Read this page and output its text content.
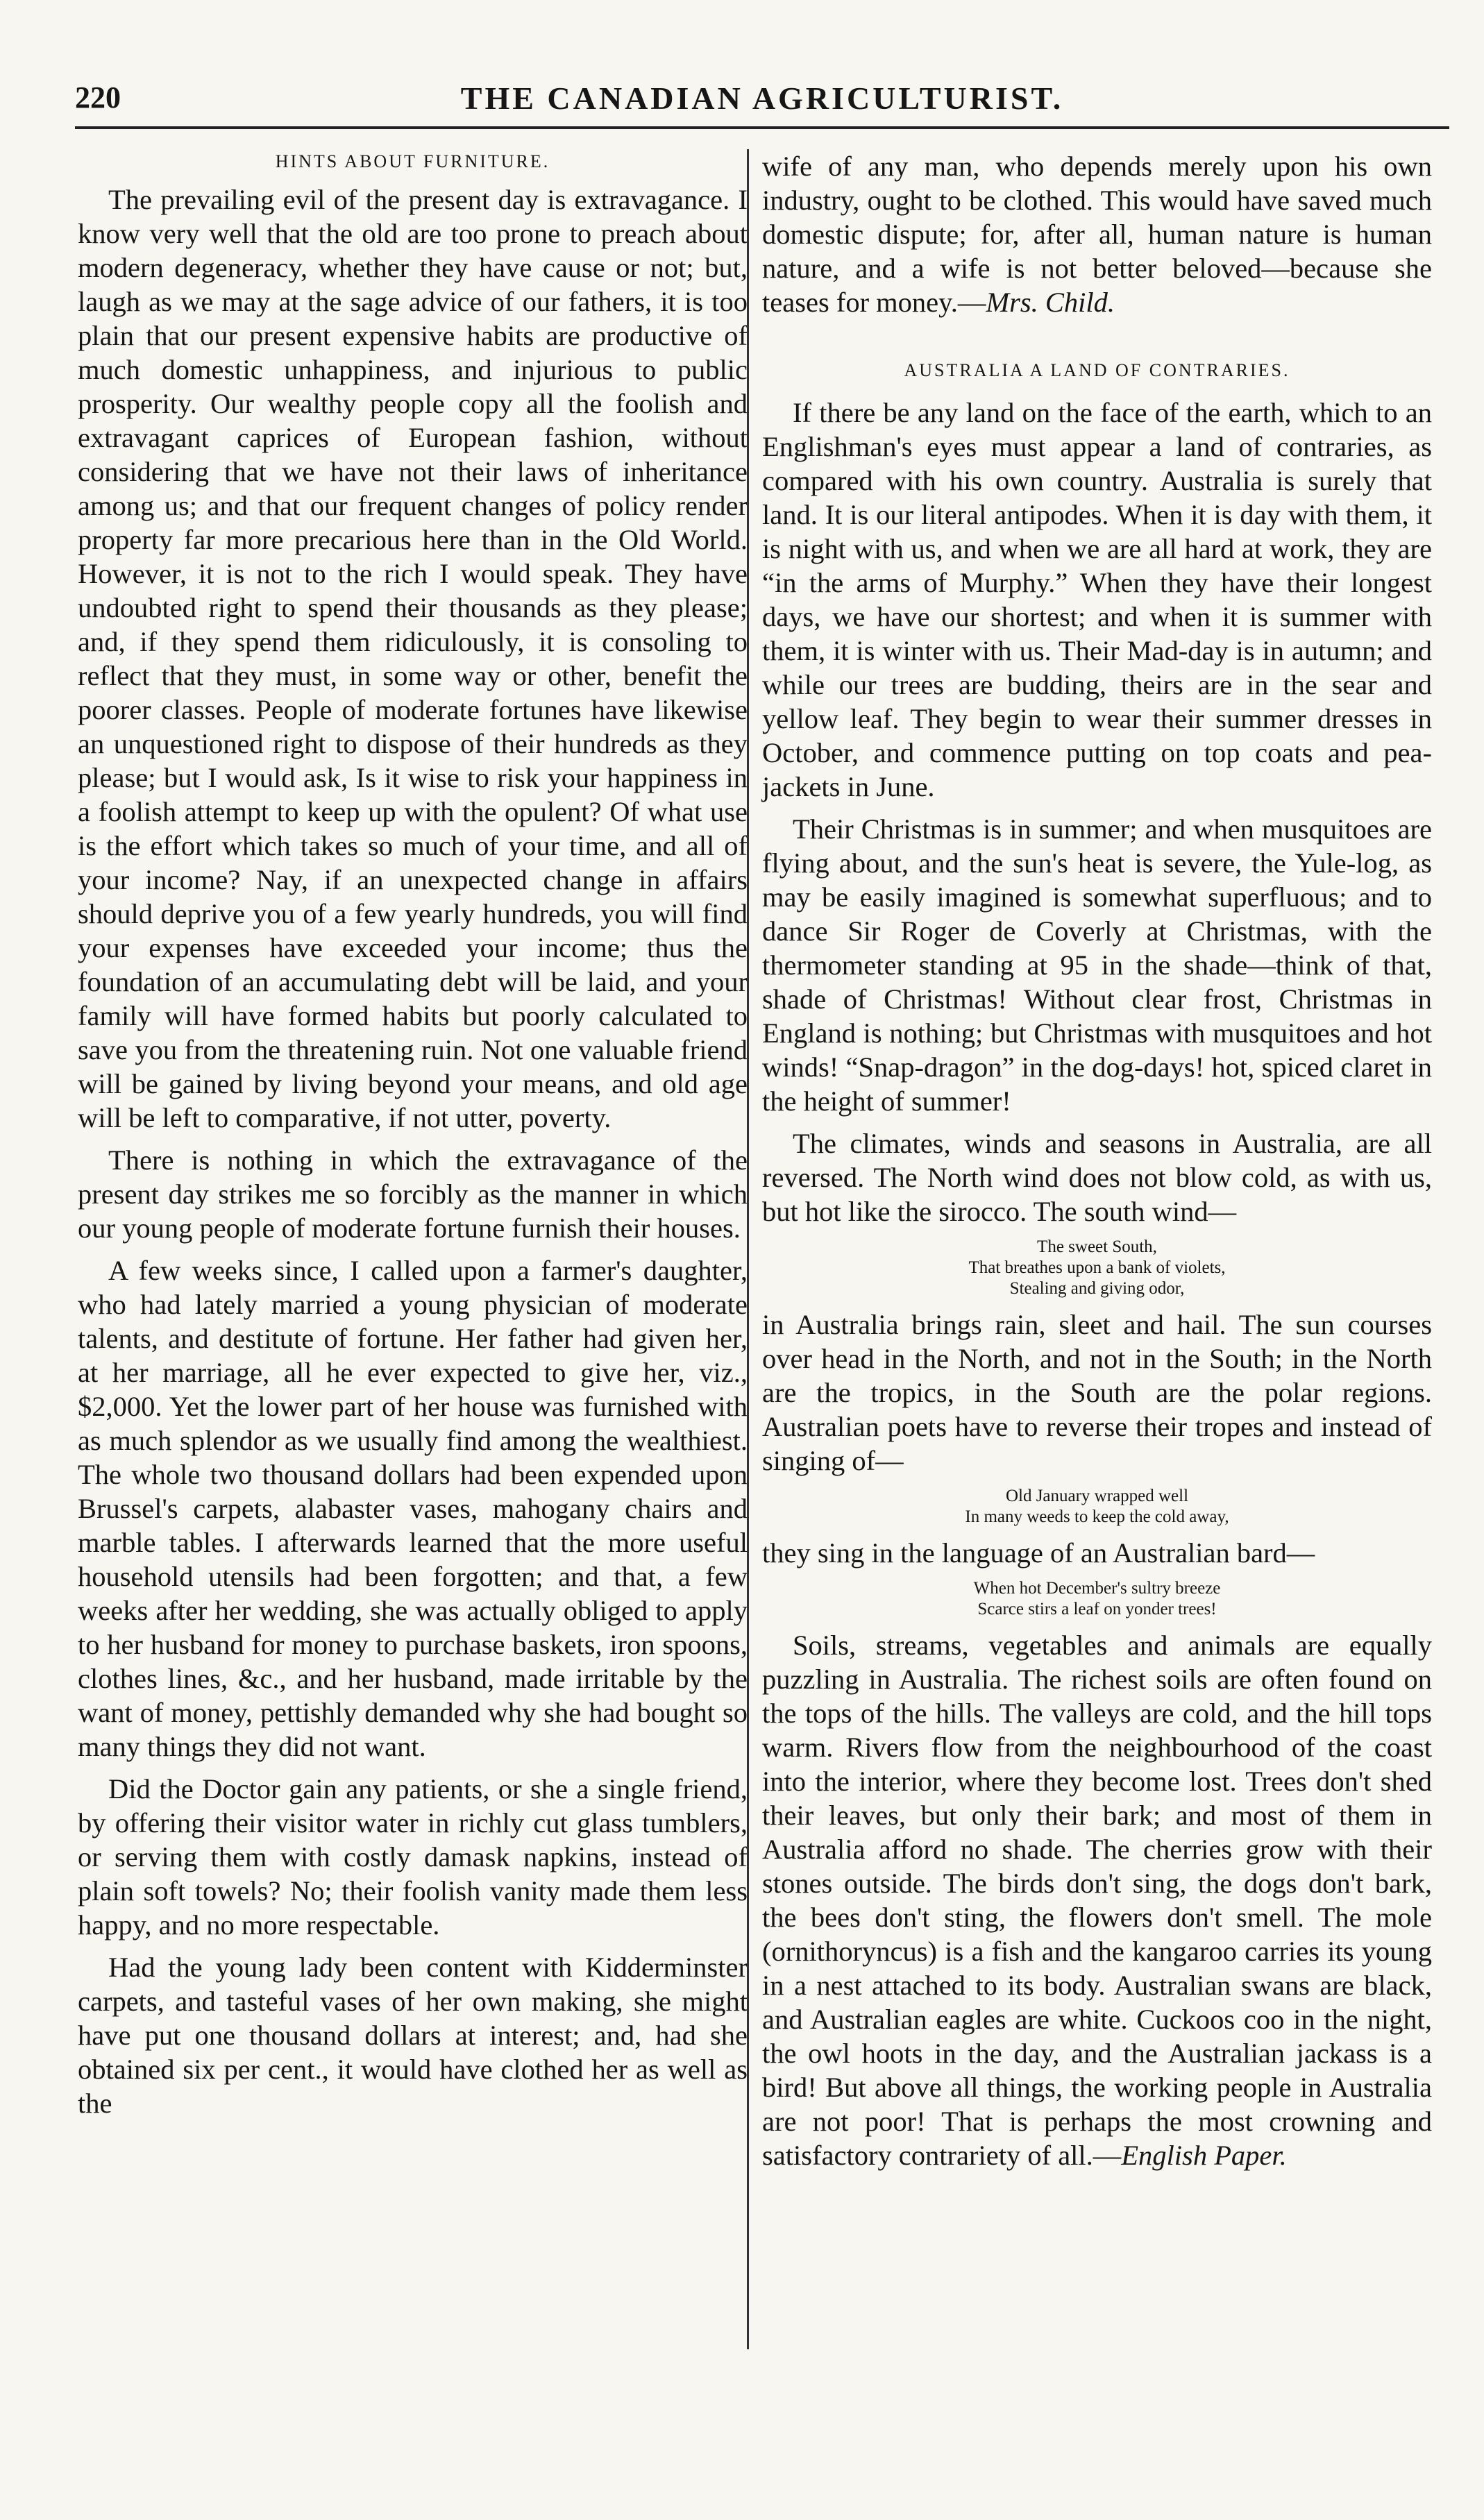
THE CANADIAN AGRICULTURIST.
220
HINTS ABOUT FURNITURE.

The prevailing evil of the present day is extravagance. I know very well that the old are too prone to preach about modern degeneracy, whether they have cause or not; but, laugh as we may at the sage advice of our fathers, it is too plain that our present expensive habits are productive of much domestic unhappiness, and injurious to public prosperity. Our wealthy people copy all the foolish and extravagant caprices of European fashion, without considering that we have not their laws of inheritance among us; and that our frequent changes of policy render property far more precarious here than in the Old World. However, it is not to the rich I would speak. They have undoubted right to spend their thousands as they please; and, if they spend them ridiculously, it is consoling to reflect that they must, in some way or other, benefit the poorer classes. People of moderate fortunes have likewise an unquestioned right to dispose of their hundreds as they please; but I would ask, Is it wise to risk your happiness in a foolish attempt to keep up with the opulent? Of what use is the effort which takes so much of your time, and all of your income? Nay, if an unexpected change in affairs should deprive you of a few yearly hundreds, you will find your expenses have exceeded your income; thus the foundation of an accumulating debt will be laid, and your family will have formed habits but poorly calculated to save you from the threatening ruin. Not one valuable friend will be gained by living beyond your means, and old age will be left to comparative, if not utter, poverty.

There is nothing in which the extravagance of the present day strikes me so forcibly as the manner in which our young people of moderate fortune furnish their houses.

A few weeks since, I called upon a farmer's daughter, who had lately married a young physician of moderate talents, and destitute of fortune. Her father had given her, at her marriage, all he ever expected to give her, viz., $2,000. Yet the lower part of her house was furnished with as much splendor as we usually find among the wealthiest. The whole two thousand dollars had been expended upon Brussel's carpets, alabaster vases, mahogany chairs and marble tables. I afterwards learned that the more useful household utensils had been forgotten; and that, a few weeks after her wedding, she was actually obliged to apply to her husband for money to purchase baskets, iron spoons, clothes lines, &c., and her husband, made irritable by the want of money, pettishly demanded why she had bought so many things they did not want.

Did the Doctor gain any patients, or she a single friend, by offering their visitor water in richly cut glass tumblers, or serving them with costly damask napkins, instead of plain soft towels? No; their foolish vanity made them less happy, and no more respectable.

Had the young lady been content with Kidderminster carpets, and tasteful vases of her own making, she might have put one thousand dollars at interest; and, had she obtained six per cent., it would have clothed her as well as the

wife of any man, who depends merely upon his own industry, ought to be clothed. This would have saved much domestic dispute; for, after all, human nature is human nature, and a wife is not better beloved—because she teases for money.—Mrs. Child.

AUSTRALIA A LAND OF CONTRARIES.

If there be any land on the face of the earth, which to an Englishman's eyes must appear a land of contraries, as compared with his own country. Australia is surely that land. It is our literal antipodes. When it is day with them, it is night with us, and when we are all hard at work, they are “in the arms of Murphy.” When they have their longest days, we have our shortest; and when it is summer with them, it is winter with us. Their Mad-day is in autumn; and while our trees are budding, theirs are in the sear and yellow leaf. They begin to wear their summer dresses in October, and commence putting on top coats and pea-jackets in June.

Their Christmas is in summer; and when musquitoes are flying about, and the sun's heat is severe, the Yule-log, as may be easily imagined is somewhat superfluous; and to dance Sir Roger de Coverly at Christmas, with the thermometer standing at 95 in the shade—think of that, shade of Christmas! Without clear frost, Christmas in England is nothing; but Christmas with musquitoes and hot winds! “Snap-dragon” in the dog-days! hot, spiced claret in the height of summer!

The climates, winds and seasons in Australia, are all reversed. The North wind does not blow cold, as with us, but hot like the sirocco. The south wind—

The sweet South,
That breathes upon a bank of violets,
Stealing and giving odor,

in Australia brings rain, sleet and hail. The sun courses over head in the North, and not in the South; in the North are the tropics, in the South are the polar regions. Australian poets have to reverse their tropes and instead of singing of—

Old January wrapped well
In many weeds to keep the cold away,

they sing in the language of an Australian bard—

When hot December's sultry breeze
Scarce stirs a leaf on yonder trees!

Soils, streams, vegetables and animals are equally puzzling in Australia. The richest soils are often found on the tops of the hills. The valleys are cold, and the hill tops warm. Rivers flow from the neighbourhood of the coast into the interior, where they become lost. Trees don't shed their leaves, but only their bark; and most of them in Australia afford no shade. The cherries grow with their stones outside. The birds don't sing, the dogs don't bark, the bees don't sting, the flowers don't smell. The mole (ornithoryncus) is a fish and the kangaroo carries its young in a nest attached to its body. Australian swans are black, and Australian eagles are white. Cuckoos coo in the night, the owl hoots in the day, and the Australian jackass is a bird! But above all things, the working people in Australia are not poor! That is perhaps the most crowning and satisfactory contrariety of all.—English Paper.
